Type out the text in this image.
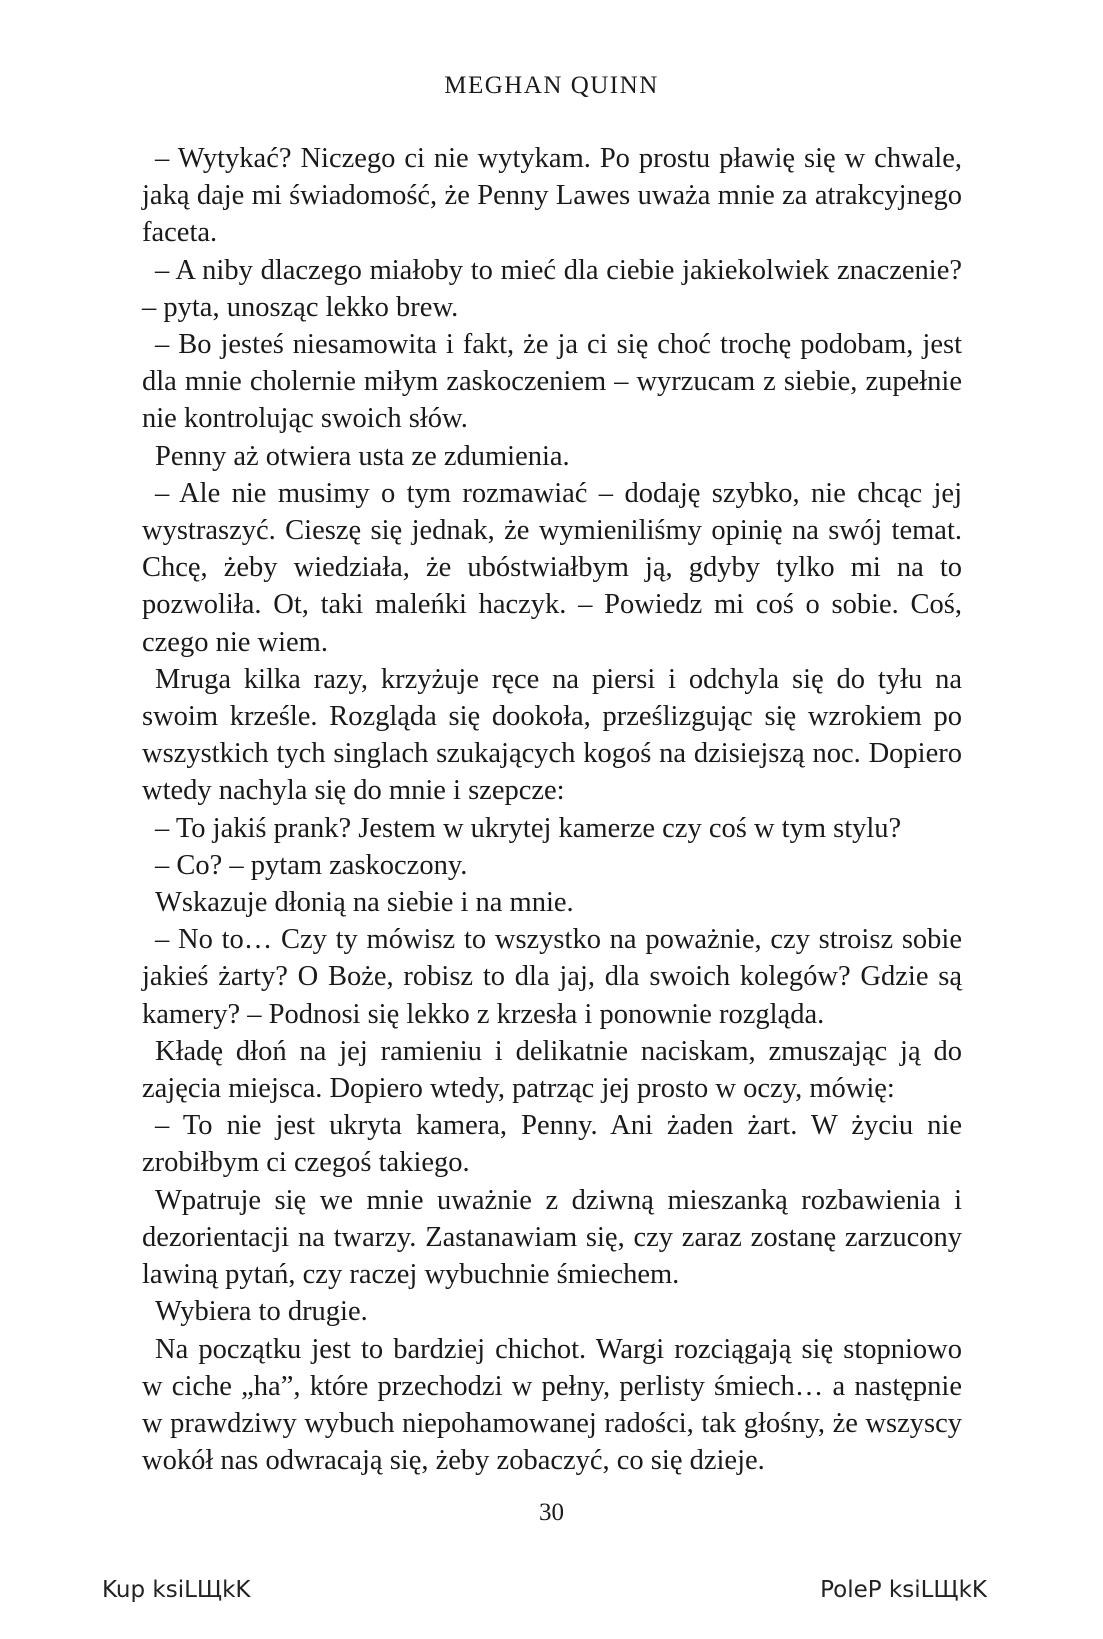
MEGHAN QUINN

– Wytykać? Niczego ci nie wytykam. Po prostu pławię się w chwale, jaką daje mi świadomość, że Penny Lawes uważa mnie za atrakcyjnego faceta.

– A niby dlaczego miałoby to mieć dla ciebie jakiekolwiek znaczenie? – pyta, unosząc lekko brew.

– Bo jesteś niesamowita i fakt, że ja ci się choć trochę podobam, jest dla mnie cholernie miłym zaskoczeniem – wyrzucam z siebie, zupełnie nie kontrolując swoich słów.

Penny aż otwiera usta ze zdumienia.

– Ale nie musimy o tym rozmawiać – dodaję szybko, nie chcąc jej wystraszyć. Cieszę się jednak, że wymieniliśmy opinię na swój temat. Chcę, żeby wiedziała, że ubóstwiałbym ją, gdyby tylko mi na to pozwoliła. Ot, taki maleńki haczyk. – Powiedz mi coś o sobie. Coś, czego nie wiem.

Mruga kilka razy, krzyżuje ręce na piersi i odchyla się do tyłu na swoim krześle. Rozgląda się dookoła, prześlizgując się wzrokiem po wszystkich tych singlach szukających kogoś na dzisiejszą noc. Dopiero wtedy nachyla się do mnie i szepcze:

– To jakiś prank? Jestem w ukrytej kamerze czy coś w tym stylu?

– Co? – pytam zaskoczony.

Wskazuje dłonią na siebie i na mnie.

– No to… Czy ty mówisz to wszystko na poważnie, czy stroisz sobie jakieś żarty? O Boże, robisz to dla jaj, dla swoich kolegów? Gdzie są kamery? – Podnosi się lekko z krzesła i ponownie rozgląda.

Kładę dłoń na jej ramieniu i delikatnie naciskam, zmuszając ją do zajęcia miejsca. Dopiero wtedy, patrząc jej prosto w oczy, mówię:

– To nie jest ukryta kamera, Penny. Ani żaden żart. W życiu nie zrobiłbym ci czegoś takiego.

Wpatruje się we mnie uważnie z dziwną mieszanką rozbawienia i dezorientacji na twarzy. Zastanawiam się, czy zaraz zostanę zarzucony lawiną pytań, czy raczej wybuchnie śmiechem.

Wybiera to drugie.

Na początku jest to bardziej chichot. Wargi rozciągają się stopniowo w ciche „ha”, które przechodzi w pełny, perlisty śmiech… a następnie w prawdziwy wybuch niepohamowanej radości, tak głośny, że wszyscy wokół nas odwracają się, żeby zobaczyć, co się dzieje.

30
Kup ksiLЩkK	PoleP ksiLЩkK
